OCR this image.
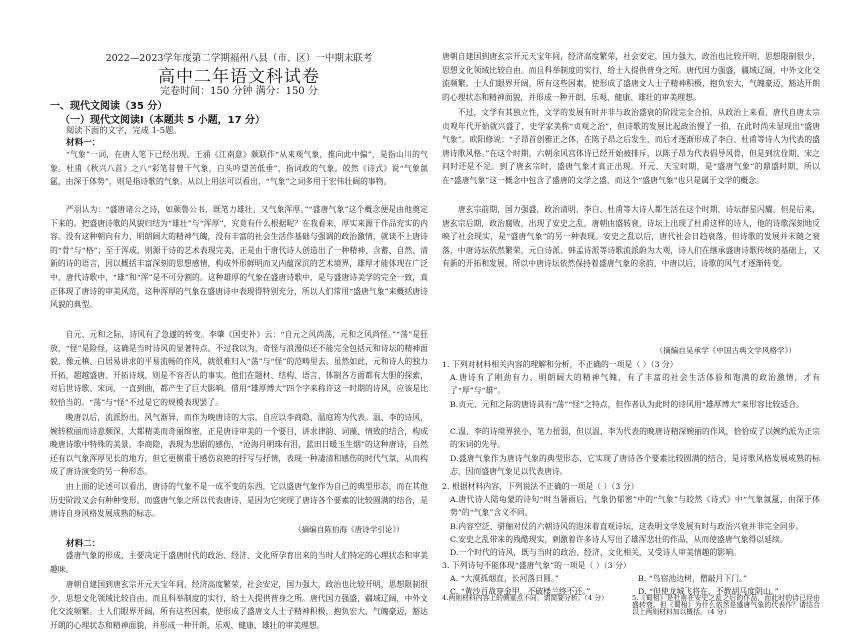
2022—2023学年度第二学期福州八县（市、区）一中期末联考
高中二年语文科试卷
完卷时间：150 分钟 满分：150 分
一、现代文阅读（35 分）
（一）现代文阅读Ⅰ（本题共 5 小题，17 分）
阅读下面的文字，完成 1-5题。
材料一：
“气象”一词，在唐人笔下已经出现。王涌《江南意》颇联作“从来观气象，推向此中偏”，是指山川的气象。杜甫《秋兴八首》之八“彩笔昔曾干气象，白头吟望苦低垂”，指词政的气象。皎然《诗式》说“气象氤氲，由深于体势”，则是指诗歌的气象。从以上用法可以看出，“气象”之词多用于宏伟壮阔的事物。
严羽认为：“盛唐诸公之诗，如颜鲁公书，既笔力雄壮，又气象浑厚。”“盛唐气象”这个概念便是由他奠定下来的。把盛唐诗歌的风貌归结为“雄壮”与“浑厚”，究竟有什么根据呢？在我看来，厚实来源于作品充实的内容。没有这种朝向有力、明朗阔大的精神气魄，没有丰富的社会生活作基础与强调的政治激情，就谈不上唐诗的“骨”与“格”；至于浑成，则源于诗的艺术表现完美，正是由于唐代诗人创造出了一种精神、含蓄、自然、清新的诗的语言，因以概括丰富深刻的思想感情，构成外形鲜明而又内蕴深沉的艺术境界，雄厚才能体现在广泛中，唐代诗歌中，“雄”和“浑”是不可分割的。这种雄厚的气象在盛唐诗歌中，是与盛唐诗美学的完全一致，真正体现了唐诗的审美风范，这种浑厚的气象在盛唐诗中表现得特别充分，所以人们常用“盛唐气象”来概括唐诗风貌的典型。
自元、元和之际，诗风有了急遽的转变。李肇《国史补》云：“自元之风尚荡，元和之风尚怪。”“荡”是狂放，“怪”是险怪，这确是当时诗风的显著特点。不过我以为，奇怪与浪漫似还不能完全包括元和诗坛的精神面貌，像元稹、白居易讲求的平易流畅的作风，就很难归入“荡”与“怪”的范畴里去。虽然如此，元和诗人的独力开拓，超越盛唐、开拓诗域，则是不容否认的事实。他们在题材、结构、语言、体制各方面都有大胆的探索，对后世诗歌、宋词，一直到曲，都产生了巨大影响。借用“雄厚博大”四个字来称许这一时期的诗风，应该是比较恰当的。“荡”与“怪”不过是它的规模表现罢了。
晚唐以后，流派纷出，风气渐异，而作为晚唐诗的大宗，自应以李商隐、温庭筠为代表。温、李的诗风，婉转秾丽而诗意颇深，大都精美而奇丽绵密，正是唐诗审美的一个要目，讲求律韵、词藻、情致的结合，构成晚唐诗歌中特殊的美景。李商隐，表现为悲剧的感伤，“沧海月明珠有泪，蓝田日暖玉生烟”的这种唐诗，自然还有以气象浑厚见长的地方，但它更侧重于感伤哀艳的抒写与抒情，表现一种凄清和感伤的时代气氛，从而构成了唐诗演变的另一种形态。
由上面的论述可以看出，唐诗的气象不是一成不变的东西，它以盛唐气象作为自己的典型形态，而在其他历史阶段又会有种种变形。而盛唐气象之所以代表唐诗，是因为它突现了唐诗各个要素的比较圆满的结合，是唐诗自身风格发展成熟的标志。
（摘编自陈伯海《唐诗学引论》）
材料二：
盛唐气象的形成，主要决定于盛唐时代的政治、经济、文化所孕育出来的当时人们特定的心理状态和审美趣味。
唐朝自建国到唐玄宗开元天宝年间，经济高度繁荣，社会安定，国力强大，政治也比较开明，思想限制很少，思想文化领域比较自由。而且科举制度的实行，给士人提供普身之所。唐代国力强盛，疆域辽阔，中外文化交流频繁。士人们眼界开阔，所有这些因素，使形成了盛唐文人士子精神积极，抱负宏大，气魄豪迈，豁达开朗的心理状态和精神面貌，并形成一种开朗、乐观、健康、雄壮的审美理想。
唐朝自建国到唐玄宗开元天宝年间，经济高度繁荣，社会安定，国力强大，政治也比较开明，思想限制很少，思想文化领域比较自由。而且科举制度的实行，给士人提供普身之所。唐代国力强盛，疆域辽阔，中外文化交流频繁。士人们眼界开阔，所有这些因素，使形成了盛唐文人士子精神积极，抱负宏大，气魄豪迈，豁达开朗的心理状态和精神面貌，并形成一种开朗、乐观、健康、雄壮的审美理想。
不过，文学有其独立性，文学的发展有时并非与政治盛衰的阶段完全合拍，从政治上来看，唐代自唐太宗贞观年代开始就兴盛了，史学家美称“贞观之治”，但诗歌的发展比起政治慢了一拍，在此时尚未显现出“盛唐气象”。欧阳修说：“子昂首创雅正之体，在陈子昂之后发生，而后才逐渐形成了李白、杜甫等诗人为代表的盛唐诗歌风格。”在这个时期，六朝余风宫体诗已经开始被排斥，以陈子昂为代表倡导风骨，但是到沈佺期、宋之问时还是不足。到了唐玄宗时，盛唐气象才真正出现。开元、天宝时期，是“盛唐气象”的鼎盛时期，所以在“盛唐气象”这一概念中包含了盛唐的文学之盛，而这个“盛唐气象”也只是属于文学的概念。
唐玄宗前期，国力强盛，政治清明，李白、杜甫等大诗人都生活在这个时期，诗坛群星闪耀。但是后来，唐玄宗后期，政治腐败，出现了安史之乱，唐朝由盛转衰，诗坛上出现了杜甫这样的诗人，他的诗歌深刻地反映了社会现实，是“盛唐气象”的另一种表现。安史之乱以后，唐代社会日趋衰落，但诗歌的发展并未随之衰落，中唐诗坛依然繁荣，元白诗派、韩孟诗派等诗歌流派蔚为大观，诗人们在继承盛唐诗歌传统的基础上，又有新的开拓和发展，所以中唐诗坛依然保持着盛唐气象的余韵，中唐以后，诗歌的风气才逐渐转变。
（摘编自吴承学《中国古典文学风格学》）
1. 下列对材料相关内容的理解和分析，不正确的一项是（ ）（3 分）
A.唐诗有了刚劲有力、明朗阔大的精神气魄，有了丰富的社会生活体验和饱满的政治激情，才有了“厚”与“雄”。
B.贞元、元和之际的唐诗具有“荡”“怪”之特点，但作者认为此时的诗风用“雄厚博大”来形容比较适合。
C.温、李的诗境界狭小，笔力扭弱，但以温、李为代表的晚唐诗精深婉丽的作风，恰恰成了以婉约派为正宗的宋词的先导。
D.盛唐气象作为唐诗气象的典型形态，它实现了唐诗各个要素比较圆满的结合，是诗歌风格发展成熟的标志，因而盛唐气象足以代表唐诗。
2. 根据材料内容，下列说法不正确的一项是（ ）（3 分）
A.唐代诗人陆龟蒙的诗句“时当暑雨后，气象仍郁密”中的“气象”与皎然《诗式》中“气象氤氲，由深于体势”的“气象”含义不同。
B.内容空泛、骈俪对仗的六朝诗风的泡沫着直观诗坛，这表明文学发展有时与政治兴衰并非完全同步。
C.安史之乱带来的残酷现实，刺激着许多诗人写出了雄浑悲壮的作品，从而使盛唐气象得以延续。
D.一个时代的诗风，既与当时的政治、经济、文化相关，又受诗人审美情趣的影响。
3. 下列诗句不能体现“盛唐气象”的一项是（ ）（3 分）
A. “大漠孤烟直，长河落日圆。”	B. “鸟宿池边树，僧敲月下门。”
C. “黄沙百战穿金甲，不破楼兰终不还。”	D. “但使龙城飞将在，不教胡马度阴山。”
4.两则材料内容上的侧重点不同，请简要分析。（4 分）	5.《蜀相》是杜甫在安史之乱之后的作品，而此时的诗已经由盛转衰。但《蜀相》为什么依然是盛唐气象的代表作？请结合以上两则材料加以概括。（4 分）
